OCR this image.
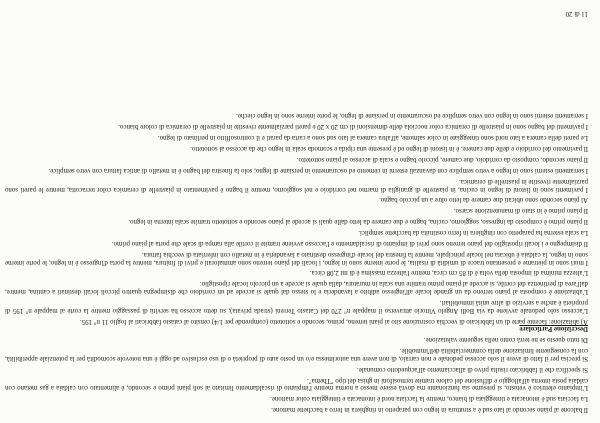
Il balcone al piano secondo al lato sud è a struttura in legno con parapetto in ringhiera in ferro a bacchette mattone.

La facciata sud è intonacata e tinteggiata di bianco, mentre la facciata nord è intonacata e tinteggiata color mattone.

L'impianto elettrico è vetusto, si presume sia funzionante ma dovrà essere messo a norma mentre l'impianto di riscaldamento limitato ai soli piani primo e secondo, è alimentato con caldaia a gas metano con caldaia posta interna all'alloggio e diffusione del calore tramite termosifoni in ghisa del tipo "Thema".

Si specifica che il fabbricato risulta privo di allacciamento all'acquedotto comunale.

Si precisa per il fatto di avere il solo accesso pedonale e non carraio, di non avere una autorimessa e/o un posto auto di proprietà o di uso esclusivo ad oggi è una notevole scomodità per la potenziale appetibilità, con la conseguente limitazione della commerciabilità dell'immobile.

Di tutto questo se ne terrà conto nella seguente valutazione.

Descrizione Particolare

A) abitazione: facente parte di un fabbricato di vecchia costruzione sito ai piani terreno, primo, secondo e sottotetto (comprende per 1/4) censito al catasto fabbricati al foglio 11 n° 195.

L'accesso solo pedonale avviene da via Bolli Angelo Vittorio attraverso il mappale n° 270 del Catasto Terreni (strada privata), su detto accesso ha servitù di passaggio mentre la corte al mappale n° 195 di proprietà è anche a servizio di altre unità immobiliari.

L'abitazione è composta al piano terreno da un grande locale all'ingresso adibito a lavanderia e lo stesso dal quale si accede ad un corridoio che disimpegna quattro piccoli locali destinati a cantina, mentre, dall'area di pertinenza del cortile, si accede al piano primo tramite una scala in muratura, dalla quale si accede a un piccolo locale ripostiglio.

L'altezza minima di imposta della volta è di 85 cm circa, mentre l'altezza massima è di mt 2,08 circa.

I muri sono in pietrame e presentano tracce di umidità di risalita, le porte interne sono in legno, i locali del piano terreno sono ammalorati e privi di finitura, mentre la porta d'ingresso è in legno; le porte interne sono in legno, la caldaia è ubicata nel locale principale, mentre la finestra del locale d'ingresso destinato a lavanderia è in metallo con inferriata di vecchia fattura.

Il disimpegno e i locali ripostiglio del piano terreno sono privi di impianto di riscaldamento e l'accesso avviene tramite il cortile alla rampa di scale che porta al piano primo.

La scala esterna ha parapetto con ringhiera in ferro costituita da bacchette semplici.

Il piano primo è composto da ingresso, soggiorno, cucina, bagno e due camere da letto dalle quali si accede al piano secondo e sottotetto tramite scala interna in legno.

Il piano primo è in stato di manutenzione scarso.

Al piano secondo sono ubicati due camere da letto oltre a un piccolo bagno.

I pavimenti sono in listoni di legno in cucina, in piastrelle di graniglia di marmo nel corridoio e nel soggiorno, mentre il bagno è pavimentato in piastrelle di ceramica color terracotta, mentre le pareti sono parzialmente rivestite in piastrelle di ceramica.

I serramenti esterni sono in legno a vetro semplice con davanzali esterni in cemento ed oscuramento in persiane di legno; solo la finestra del bagno è in metallo di antica fattura con vetro semplice.

Il piano secondo, composto da corridoio, due camere, piccolo bagno e scala di accesso al piano sottotetto.

Il pavimento del corridoio e delle due camere, è in listoni di legno ed è presente una ripida e scomoda scala in legno che da accesso al sottotetto.

Le pareti della camera a lato nord sono tinteggiate in color salmone, all'altra camera al lato sud sono a carta da parati e il controsoffitto in perlinato di legno.

I pavimenti del bagno sono in piastrelle di ceramica color nocciola delle dimensioni di cm 20 x 20 e pareti parzialmente rivestite in piastrelle di ceramica di colore bianco.

I serramenti esterni sono in legno con vetro semplice ed oscuramento in persiane di legno, le porte interne sono in legno cieche.

11 di 20
